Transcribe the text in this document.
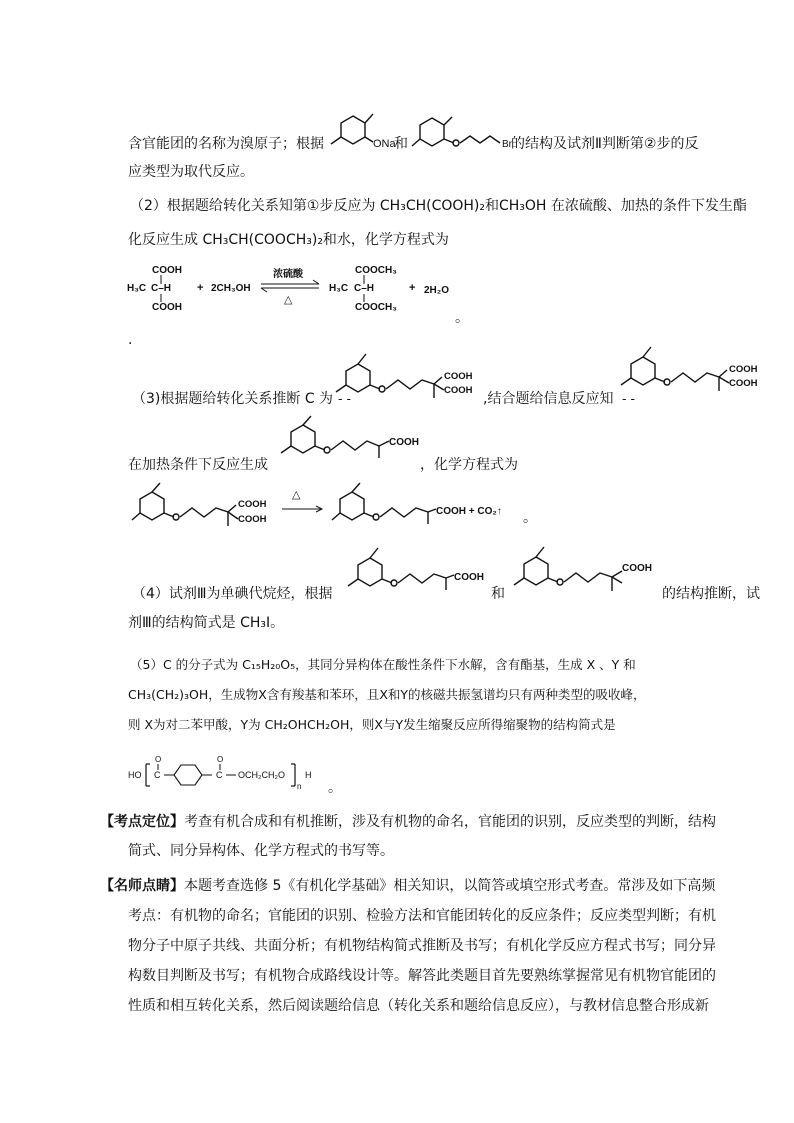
含官能团的名称为溴原子；根据	ONa
和	Br 的结构及试剂Ⅱ判断第②步的反
应类型为取代反应。
（2）根据题给转化关系知第①步反应为 CH₃CH(COOH)₂和CH₃OH 在浓硫酸、加热的条件下发生酯
化反应生成 CH₃CH(COOCH₃)₂和水，化学方程式为
COOH
H₃C C–H
COOH
+ 2CH₃OH
浓硫酸
△
COOCH₃
H₃C C–H
COOCH₃
+ 2H₂O
。
.
COOH
COOH
（3)根据题给转化关系推断 C 为 - -	,结合题给信息反应知 - -
COOH
COOH
COOH
在加热条件下反应生成	，化学方程式为
COOH
COOH
△
COOH + CO₂↑ 。
COOH
（4）试剂Ⅲ为单碘代烷烃，根据	和
COOH
的结构推断，试
剂Ⅲ的结构简式是 CH₃I。
（5）C 的分子式为 C₁₅H₂₀O₅，其同分异构体在酸性条件下水解，含有酯基，生成 X 、Y 和
CH₃(CH₂)₃OH，生成物X含有羧基和苯环，且X和Y的核磁共振氢谱均只有两种类型的吸收峰，
则 X为对二苯甲酸，Y为 CH₂OHCH₂OH，则X与Y发生缩聚反应所得缩聚物的结构简式是
HO
O
C
O
C OCH₂CH₂O
n
H
。
【考点定位】考查有机合成和有机推断，涉及有机物的命名，官能团的识别，反应类型的判断，结构
简式、同分异构体、化学方程式的书写等。
【名师点睛】本题考查选修 5《有机化学基础》相关知识，以简答或填空形式考查。常涉及如下高频
考点：有机物的命名；官能团的识别、检验方法和官能团转化的反应条件；反应类型判断；有机
物分子中原子共线、共面分析；有机物结构简式推断及书写；有机化学反应方程式书写；同分异
构数目判断及书写；有机物合成路线设计等。解答此类题目首先要熟练掌握常见有机物官能团的
性质和相互转化关系，然后阅读题给信息（转化关系和题给信息反应），与教材信息整合形成新
